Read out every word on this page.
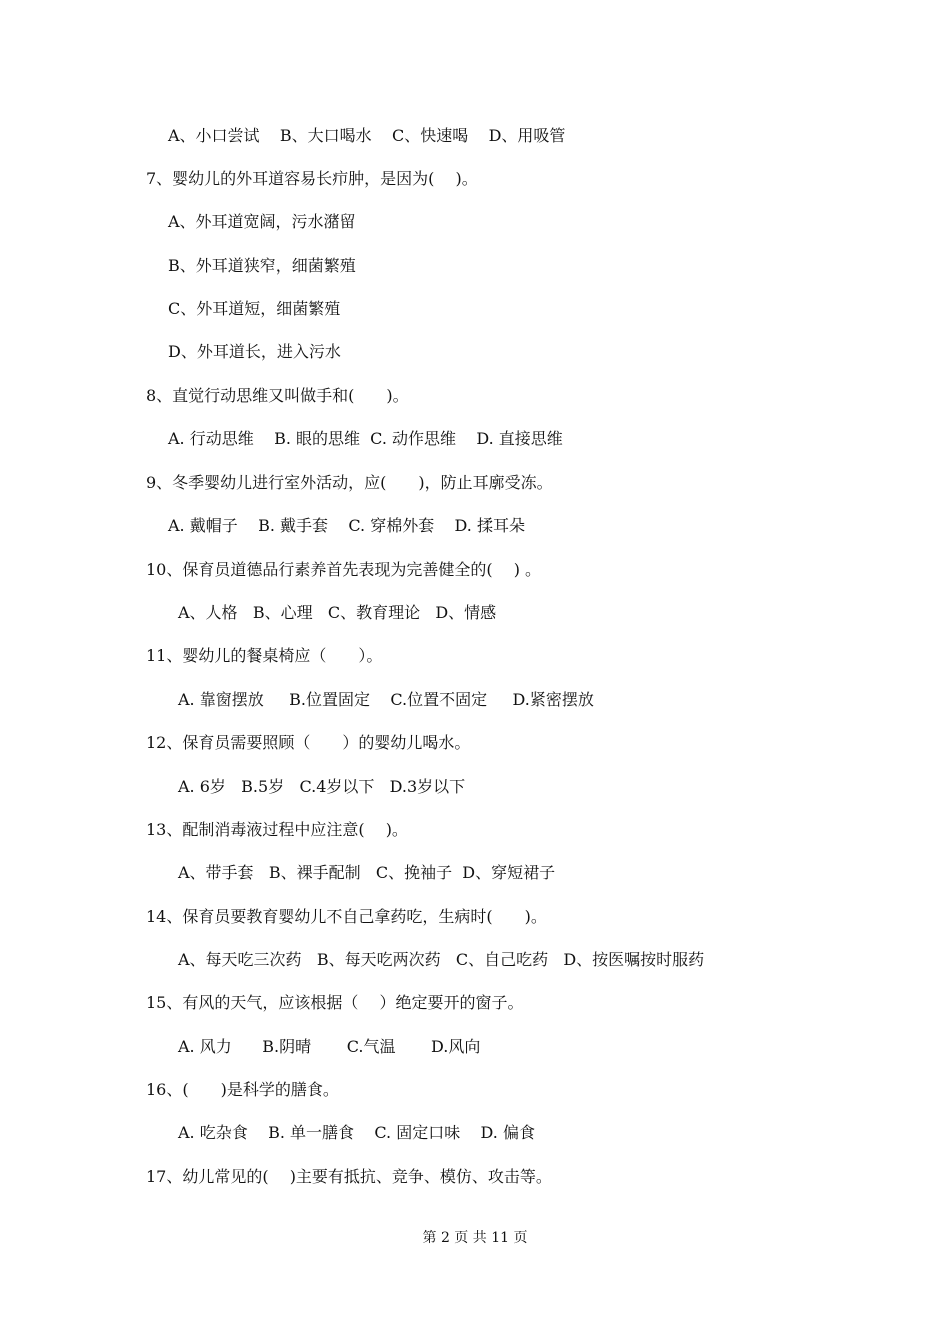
A、小口尝试    B、大口喝水    C、快速喝    D、用吸管
7、婴幼儿的外耳道容易长疖肿，是因为(　 )。
A、外耳道宽阔，污水潴留
B、外耳道狭窄，细菌繁殖
C、外耳道短，细菌繁殖
D、外耳道长，进入污水
8、直觉行动思维又叫做手和(　　)。
A. 行动思维    B. 眼的思维  C. 动作思维    D. 直接思维
9、冬季婴幼儿进行室外活动，应(　　)，防止耳廓受冻。
A. 戴帽子    B. 戴手套    C. 穿棉外套    D. 揉耳朵
10、保育员道德品行素养首先表现为完善健全的(　 ) 。
A、人格   B、心理   C、教育理论   D、情感
11、婴幼儿的餐桌椅应（　　）。
A. 靠窗摆放     B.位置固定    C.位置不固定     D.紧密摆放
12、保育员需要照顾（　　）的婴幼儿喝水。
A. 6岁   B.5岁   C.4岁以下   D.3岁以下
13、配制消毒液过程中应注意(　 )。
A、带手套   B、裸手配制   C、挽袖子  D、穿短裙子
14、保育员要教育婴幼儿不自己拿药吃，生病时(　　)。
A、每天吃三次药   B、每天吃两次药   C、自己吃药   D、按医嘱按时服药
15、有风的天气，应该根据（　 ）绝定要开的窗子。
A. 风力      B.阴晴       C.气温       D.风向
16、(　　)是科学的膳食。
A. 吃杂食    B. 单一膳食    C. 固定口味    D. 偏食
17、幼儿常见的(　 )主要有抵抗、竞争、模仿、攻击等。
第 2 页 共 11 页
